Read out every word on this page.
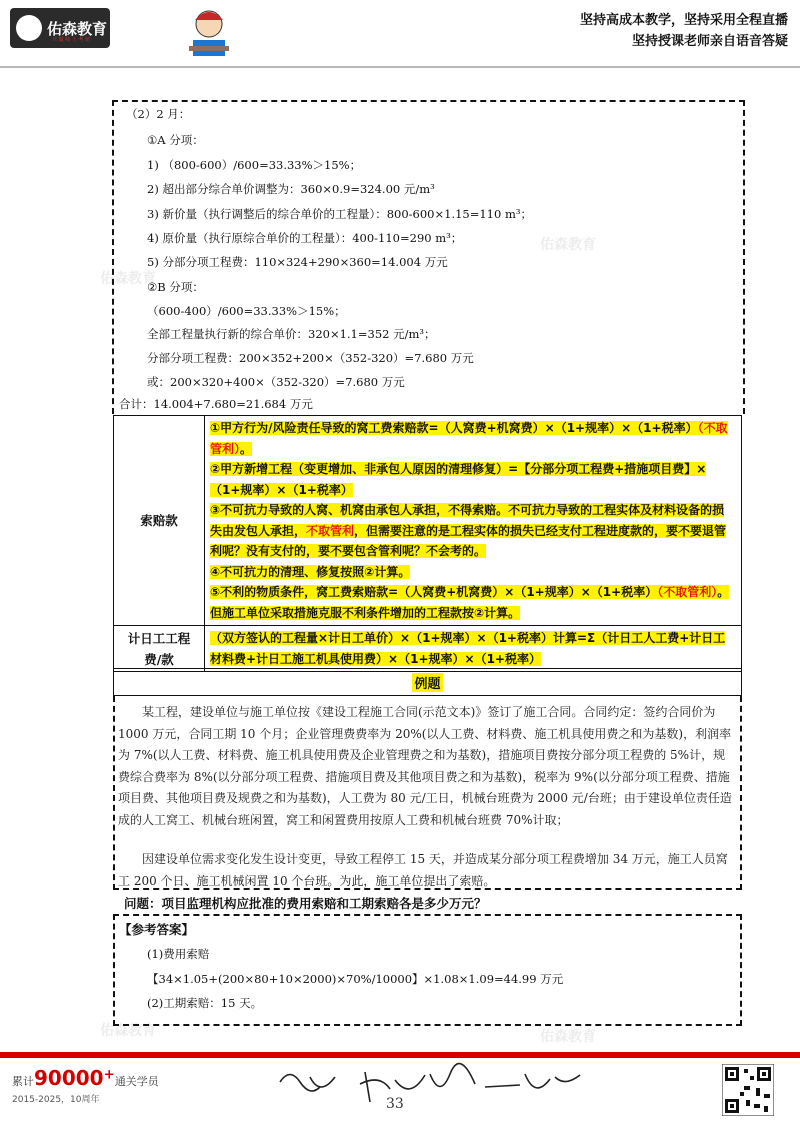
佑森教育
只 做 线 上 考 培
坚持高成本教学，坚持采用全程直播
坚持授课老师亲自语音答疑
佑森教育
佑森教育
佑森教育
佑森教育
（2）2 月：
①A 分项：
1) （800-600）/600=33.33%＞15%；
2) 超出部分综合单价调整为：360×0.9=324.00 元/m³
3) 新价量（执行调整后的综合单价的工程量）：800-600×1.15=110 m³；
4) 原价量（执行原综合单价的工程量）：400-110=290 m³；
5) 分部分项工程费：110×324+290×360=14.004 万元
②B 分项：
（600-400）/600=33.33%＞15%；
全部工程量执行新的综合单价：320×1.1=352 元/m³；
分部分项工程费：200×352+200×（352-320）=7.680 万元
或：200×320+400×（352-320）=7.680 万元
合计：14.004+7.680=21.684 万元
索赔款	①甲方行为/风险责任导致的窝工费索赔款=（人窝费+机窝费）×（1+规率）×（1+税率）（不取管利）。
②甲方新增工程（变更增加、非承包人原因的清理修复）=【分部分项工程费+措施项目费】×（1+规率）×（1+税率）
③不可抗力导致的人窝、机窝由承包人承担，不得索赔。不可抗力导致的工程实体及材料设备的损失由发包人承担，不取管利，但需要注意的是工程实体的损失已经支付工程进度款的，要不要退管利呢？没有支付的，要不要包含管利呢？不会考的。
④不可抗力的清理、修复按照②计算。
⑤不利的物质条件，窝工费索赔款=（人窝费+机窝费）×（1+规率）×（1+税率）（不取管利）。但施工单位采取措施克服不利条件增加的工程款按②计算。

计日工工程
费/款	（双方签认的工程量×计日工单价）×（1+规率）×（1+税率）计算=Σ（计日工人工费+计日工材料费+计日工施工机具使用费）×（1+规率）×（1+税率）
例题
某工程，建设单位与施工单位按《建设工程施工合同(示范文本)》签订了施工合同。合同约定：签约合同价为 1000 万元，合同工期 10 个月；企业管理费费率为 20%(以人工费、材料费、施工机具使用费之和为基数)，利润率为 7%(以人工费、材料费、施工机具使用费及企业管理费之和为基数)，措施项目费按分部分项工程费的 5%计，规费综合费率为 8%(以分部分项工程费、措施项目费及其他项目费之和为基数)，税率为 9%(以分部分项工程费、措施项目费、其他项目费及规费之和为基数)，人工费为 80 元/工日，机械台班费为 2000 元/台班；由于建设单位责任造成的人工窝工、机械台班闲置，窝工和闲置费用按原人工费和机械台班费 70%计取；
因建设单位需求变化发生设计变更，导致工程停工 15 天，并造成某分部分项工程费增加 34 万元，施工人员窝工 200 个日、施工机械闲置 10 个台班。为此，施工单位提出了索赔。
问题：项目监理机构应批准的费用索赔和工期索赔各是多少万元？
【参考答案】
(1)费用索赔
【34×1.05+(200×80+10×2000)×70%/10000】×1.08×1.09=44.99 万元
(2)工期索赔：15 天。
累计90000+通关学员
2015-2025，10周年	33
